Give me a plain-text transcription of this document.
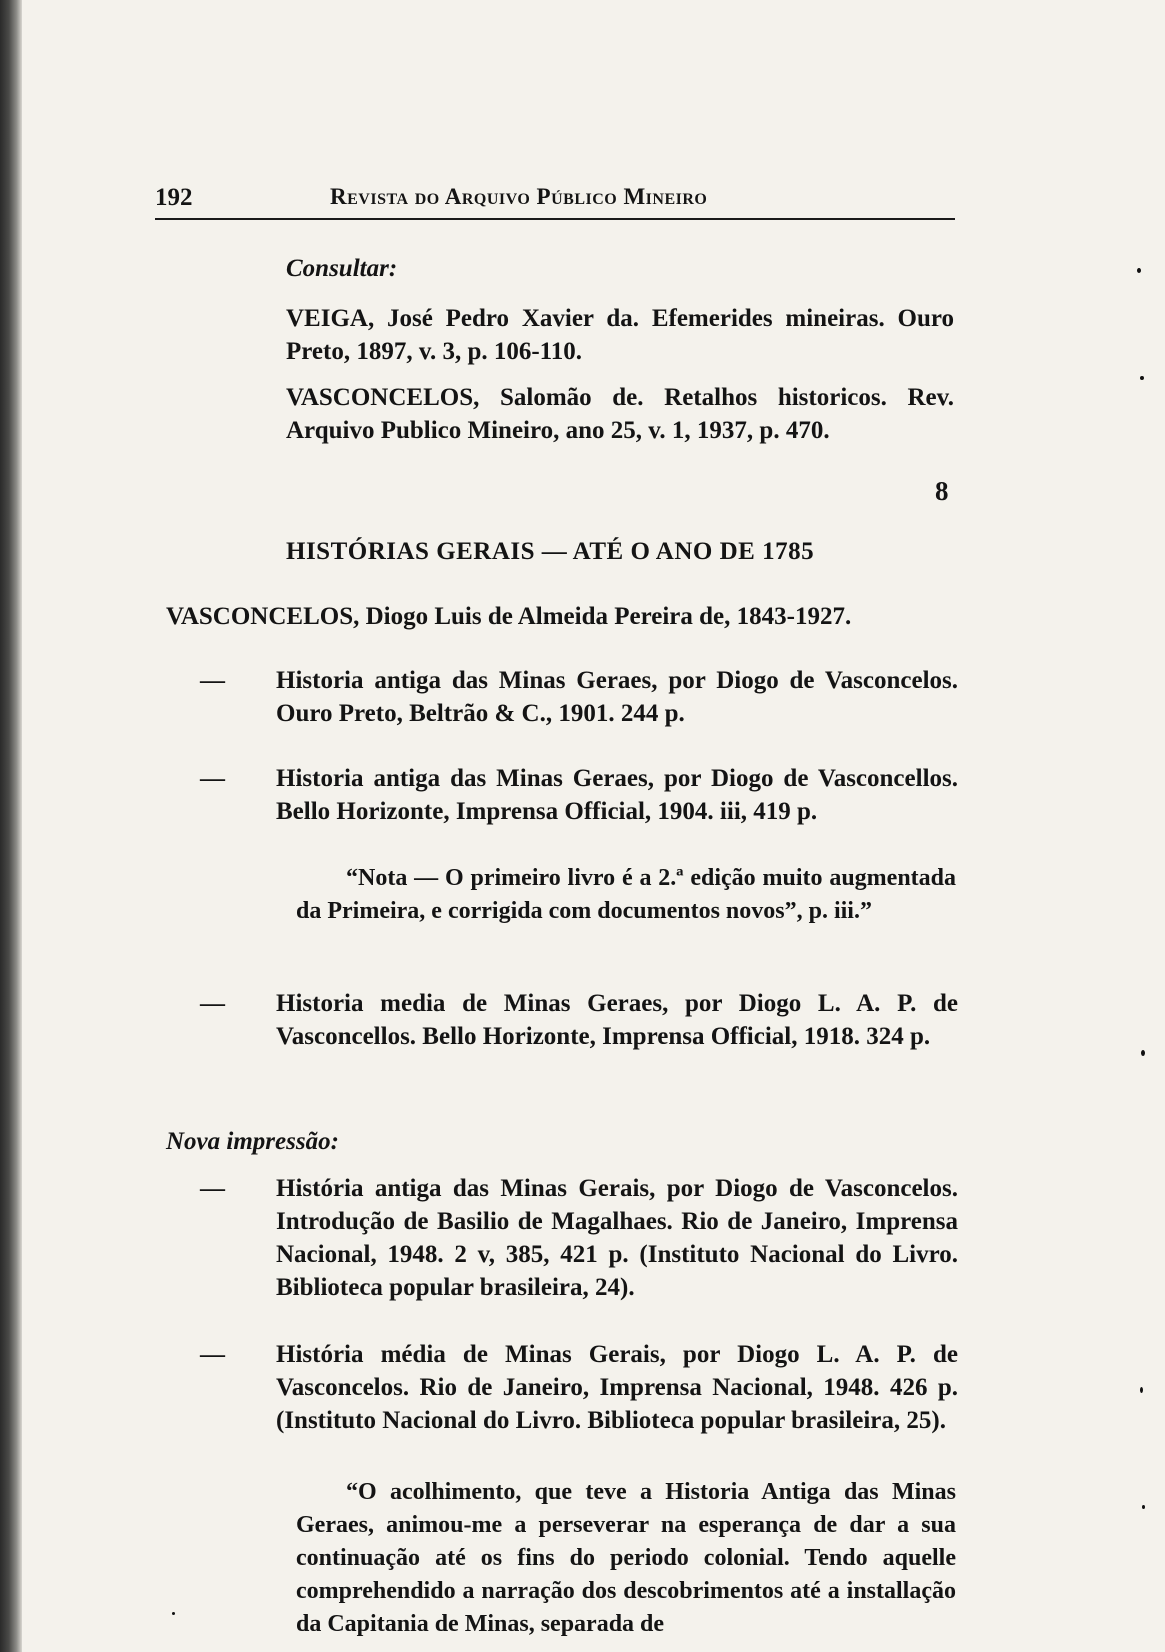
192	Revista do Arquivo Público Mineiro
Consultar:

VEIGA, José Pedro Xavier da. Efemerides mineiras. Ouro Preto, 1897, v. 3, p. 106-110.

VASCONCELOS, Salomão de. Retalhos historicos. Rev. Arquivo Publico Mineiro, ano 25, v. 1, 1937, p. 470.

8
HISTÓRIAS GERAIS — ATÉ O ANO DE 1785

VASCONCELOS, Diogo Luis de Almeida Pereira de, 1843-1927.

— Historia antiga das Minas Geraes, por Diogo de Vasconcelos. Ouro Preto, Beltrão & C., 1901. 244 p.

— Historia antiga das Minas Geraes, por Diogo de Vasconcellos. Bello Horizonte, Imprensa Official, 1904. iii, 419 p.

“Nota — O primeiro livro é a 2.ª edição muito augmentada da Primeira, e corrigida com documentos novos”, p. iii.”

— Historia media de Minas Geraes, por Diogo L. A. P. de Vasconcellos. Bello Horizonte, Imprensa Official, 1918. 324 p.

Nova impressão:

— História antiga das Minas Gerais, por Diogo de Vasconcelos. Introdução de Basilio de Magalhaes. Rio de Janeiro, Imprensa Nacional, 1948. 2 v, 385, 421 p. (Instituto Nacional do Livro. Biblioteca popular brasileira, 24).

— História média de Minas Gerais, por Diogo L. A. P. de Vasconcelos. Rio de Janeiro, Imprensa Nacional, 1948. 426 p. (Instituto Nacional do Livro. Biblioteca popular brasileira, 25).

“O acolhimento, que teve a Historia Antiga das Minas Geraes, animou-me a perseverar na esperança de dar a sua continuação até os fins do periodo colonial. Tendo aquelle comprehendido a narração dos descobrimentos até a installação da Capitania de Minas, separada de
